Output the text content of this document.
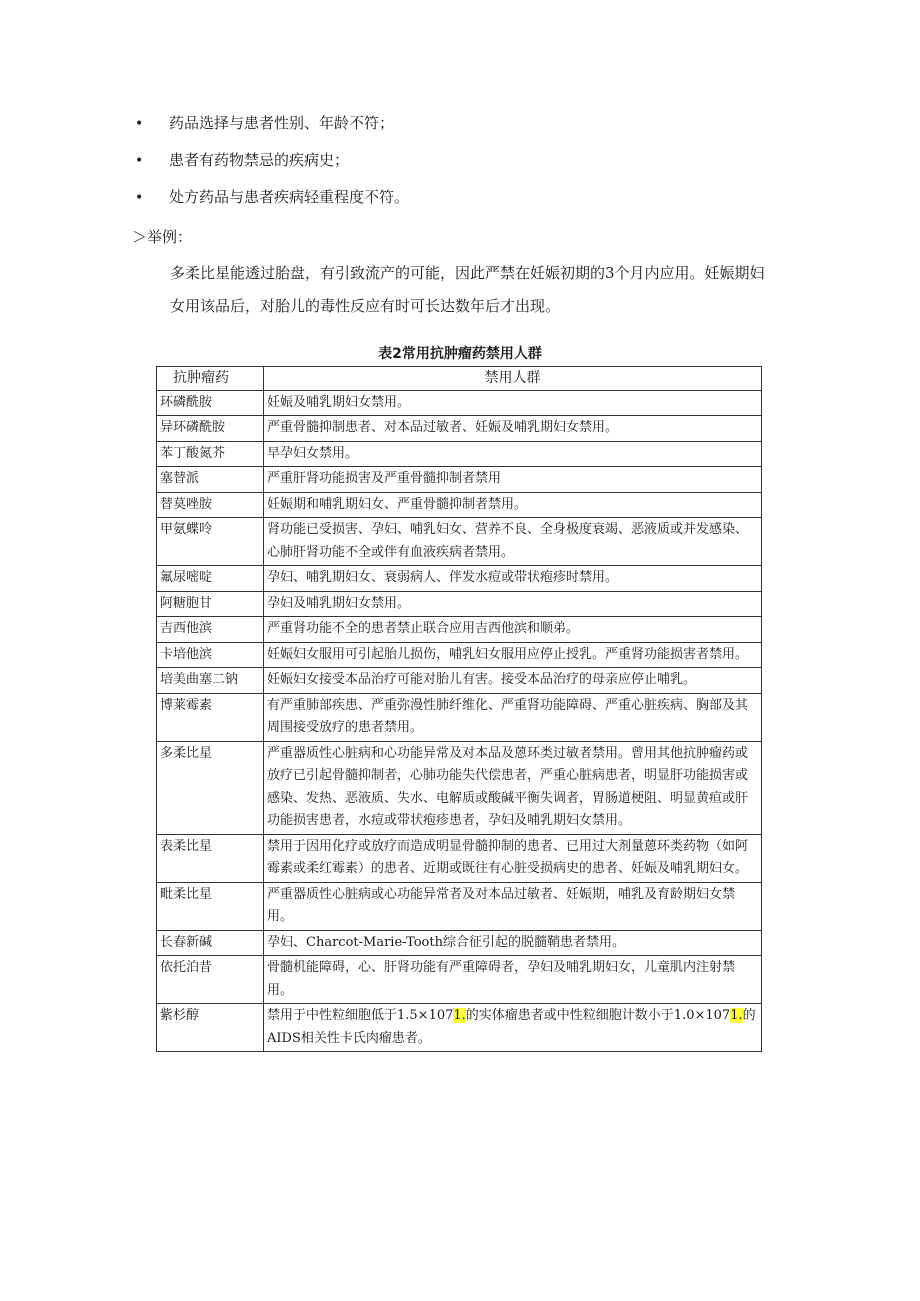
•	药品选择与患者性别、年龄不符；
•	患者有药物禁忌的疾病史；
•	处方药品与患者疾病轻重程度不符。
＞举例：
多柔比星能透过胎盘，有引致流产的可能，因此严禁在妊娠初期的3个月内应用。妊娠期妇女用该品后，对胎儿的毒性反应有时可长达数年后才出现。
表2常用抗肿瘤药禁用人群
抗肿瘤药	禁用人群
环磷酰胺	妊娠及哺乳期妇女禁用。
异环磷酰胺	严重骨髓抑制患者、对本品过敏者、妊娠及哺乳期妇女禁用。
苯丁酸氮芥	早孕妇女禁用。
塞替派	严重肝肾功能损害及严重骨髓抑制者禁用
替莫唑胺	妊娠期和哺乳期妇女、严重骨髓抑制者禁用。
甲氨蝶呤	肾功能已受损害、孕妇、哺乳妇女、营养不良、全身极度衰竭、恶液质或并发感染、心肺肝肾功能不全或伴有血液疾病者禁用。
氟尿嘧啶	孕妇、哺乳期妇女、衰弱病人、伴发水痘或带状疱疹时禁用。
阿糖胞甘	孕妇及哺乳期妇女禁用。
吉西他滨	严重肾功能不全的患者禁止联合应用吉西他滨和顺弟。
卡培他滨	妊娠妇女服用可引起胎儿损伤，哺乳妇女服用应停止授乳。严重肾功能损害者禁用。
培美曲塞二钠	妊娠妇女接受本品治疗可能对胎儿有害。接受本品治疗的母亲应停止哺乳。
博莱霉素	有严重肺部疾患、严重弥漫性肺纤维化、严重肾功能障碍、严重心脏疾病、胸部及其周围接受放疗的患者禁用。
多柔比星	严重器质性心脏病和心功能异常及对本品及蒽环类过敏者禁用。曾用其他抗肿瘤药或放疗已引起骨髓抑制者，心肺功能失代偿患者，严重心脏病患者，明显肝功能损害或感染、发热、恶液质、失水、电解质或酸碱平衡失调者，胃肠道梗阻、明显黄疸或肝功能损害患者，水痘或带状疱疹患者，孕妇及哺乳期妇女禁用。
表柔比星	禁用于因用化疗或放疗而造成明显骨髓抑制的患者、已用过大剂量蒽环类药物（如阿霉素或柔红霉素）的患者、近期或既往有心脏受损病史的患者、妊娠及哺乳期妇女。
毗柔比星	严重器质性心脏病或心功能异常者及对本品过敏者、妊娠期，哺乳及育龄期妇女禁用。
长春新碱	孕妇、Charcot-Marie-Tooth综合征引起的脱髓鞘患者禁用。
依托泊昔	骨髓机能障碍，心、肝肾功能有严重障碍者，孕妇及哺乳期妇女，儿童肌内注射禁用。
紫杉醇	禁用于中性粒细胞低于1.5×1071.的实体瘤患者或中性粒细胞计数小于1.0×1071.的AIDS相关性卡氏肉瘤患者。
